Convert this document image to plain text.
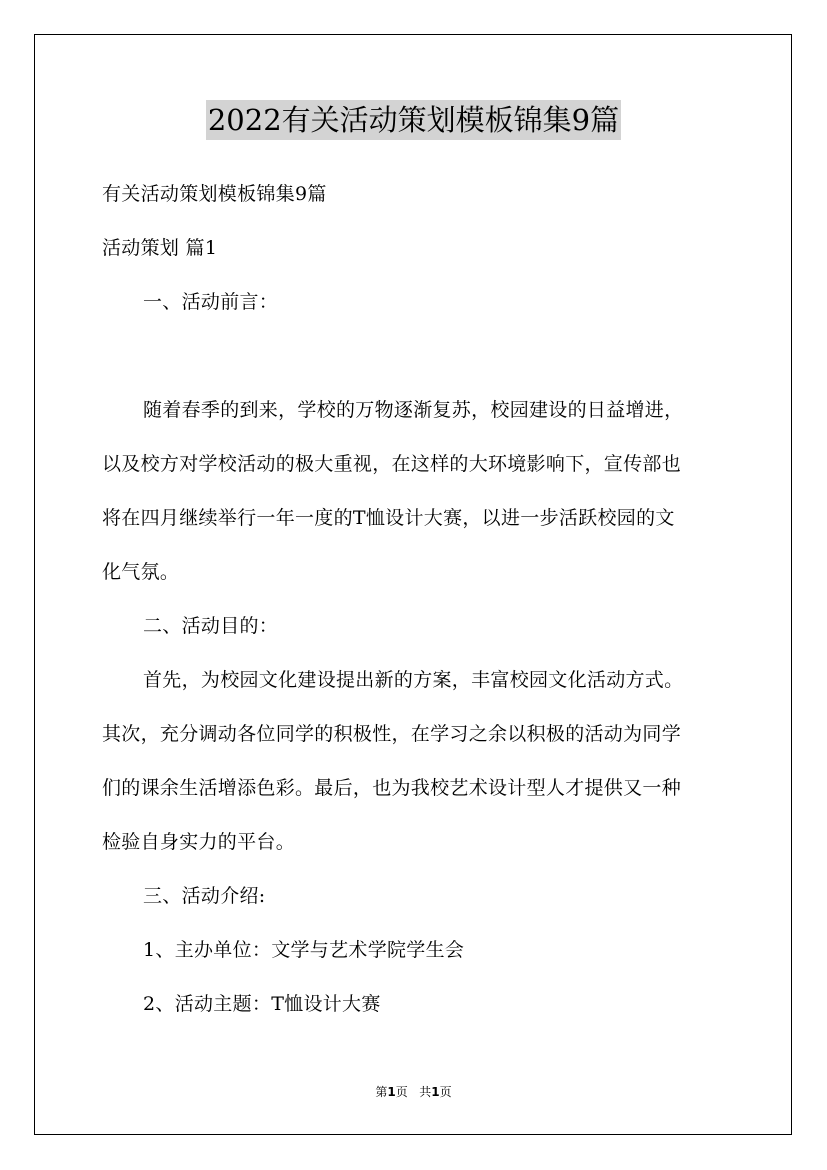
2022有关活动策划模板锦集9篇
有关活动策划模板锦集9篇
活动策划 篇1
一、活动前言：
随着春季的到来，学校的万物逐渐复苏，校园建设的日益增进，
以及校方对学校活动的极大重视，在这样的大环境影响下，宣传部也
将在四月继续举行一年一度的T恤设计大赛，以进一步活跃校园的文
化气氛。
二、活动目的：
首先，为校园文化建设提出新的方案，丰富校园文化活动方式。
其次，充分调动各位同学的积极性，在学习之余以积极的活动为同学
们的课余生活增添色彩。最后，也为我校艺术设计型人才提供又一种
检验自身实力的平台。
三、活动介绍:
1、主办单位：文学与艺术学院学生会
2、活动主题：T恤设计大赛
第1页 共1页
